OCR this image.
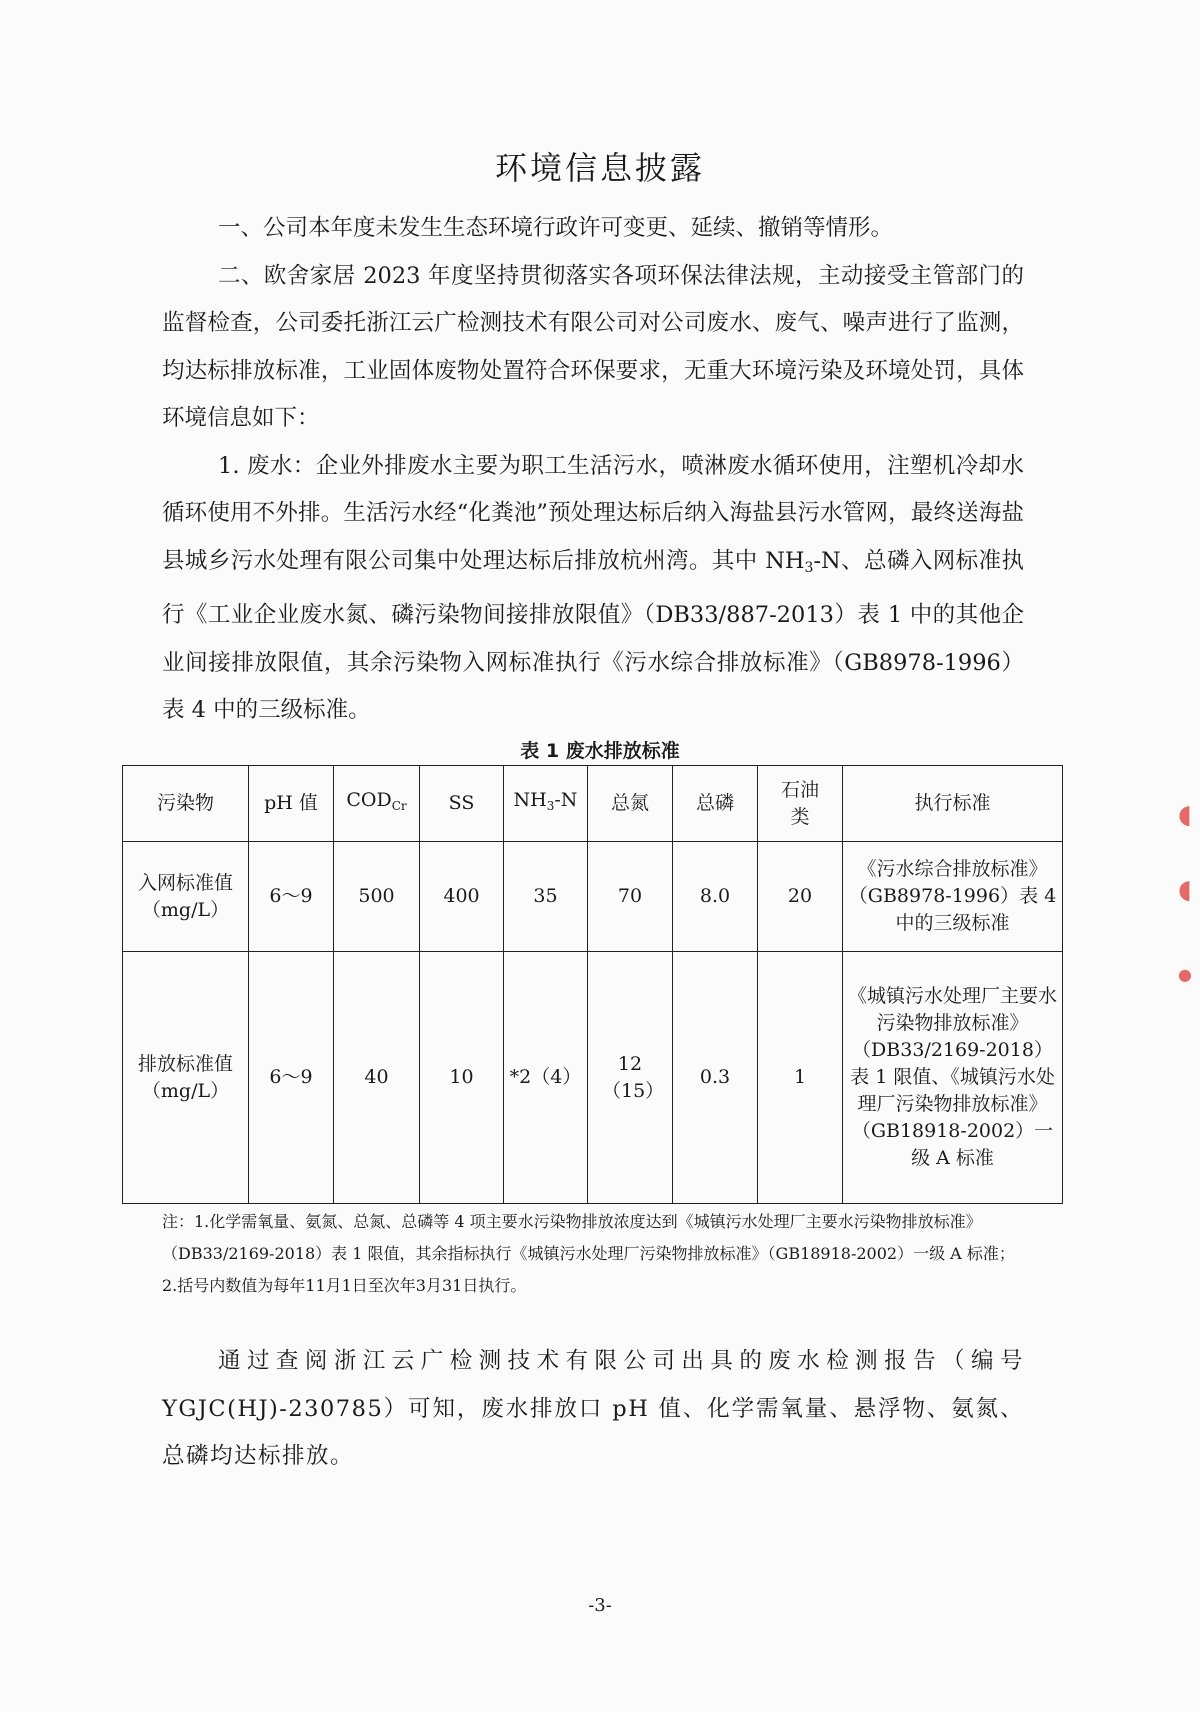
环境信息披露

一、公司本年度未发生生态环境行政许可变更、延续、撤销等情形。

二、欧舍家居 2023 年度坚持贯彻落实各项环保法律法规，主动接受主管部门的监督检查，公司委托浙江云广检测技术有限公司对公司废水、废气、噪声进行了监测，均达标排放标准，工业固体废物处置符合环保要求，无重大环境污染及环境处罚，具体环境信息如下：

1. 废水：企业外排废水主要为职工生活污水，喷淋废水循环使用，注塑机冷却水循环使用不外排。生活污水经“化粪池”预处理达标后纳入海盐县污水管网，最终送海盐县城乡污水处理有限公司集中处理达标后排放杭州湾。其中 $NH_3-N$、总磷入网标准执行《工业企业废水氮、磷污染物间接排放限值》（DB33/887-2013）表 1 中的其他企业间接排放限值，其余污染物入网标准执行《污水综合排放标准》（GB8978-1996）表 4 中的三级标准。

表 1 废水排放标准
污染物	pH 值	$COD_{Cr}$	SS	$NH_3-N$	总氮	总磷	石油类	执行标准

入网标准值（mg/L）	6～9	500	400	35	70	8.0	20	《污水综合排放标准》（GB8978-1996）表 4 中的三级标准

排放标准值（mg/L）	6～9	40	10	*2（4）	12（15）	0.3	1	《城镇污水处理厂主要水污染物排放标准》（DB33/2169-2018）表 1 限值、《城镇污水处理厂污染物排放标准》（GB18918-2002）一级 A 标准
注：1.化学需氧量、氨氮、总氮、总磷等 4 项主要水污染物排放浓度达到《城镇污水处理厂主要水污染物排放标准》（DB33/2169-2018）表 1 限值，其余指标执行《城镇污水处理厂污染物排放标准》（GB18918-2002）一级 A 标准；
2.括号内数值为每年11月1日至次年3月31日执行。

通过查阅浙江云广检测技术有限公司出具的废水检测报告（编号 YGJC(HJ)-230785）可知，废水排放口 pH 值、化学需氧量、悬浮物、氨氮、总磷均达标排放。

-3-
◖
◖
●
